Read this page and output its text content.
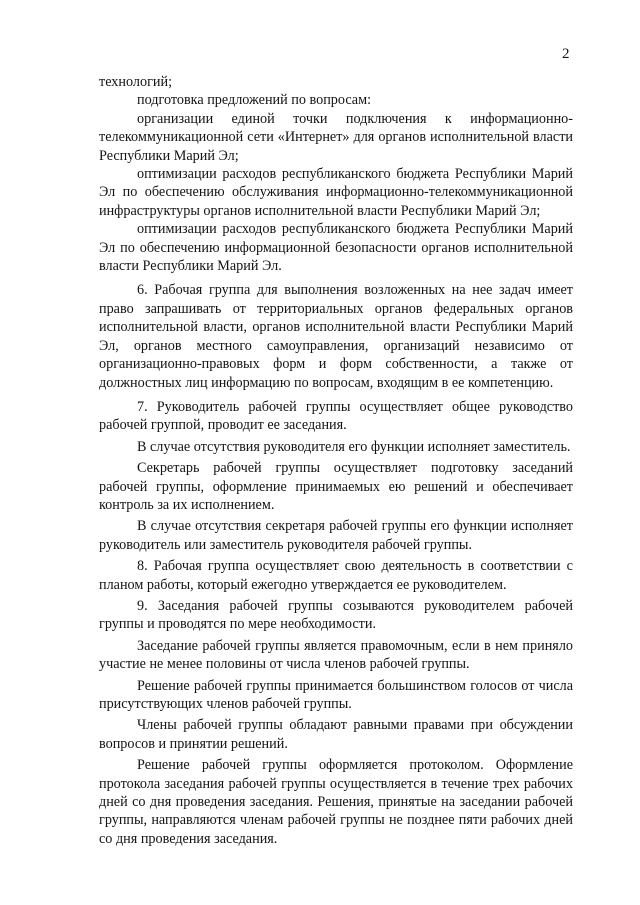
2

технологий;

подготовка предложений по вопросам:

организации единой точки подключения к информационно-телекоммуникационной сети «Интернет» для органов исполнительной власти Республики Марий Эл;

оптимизации расходов республиканского бюджета Республики Марий Эл по обеспечению обслуживания информационно-телекоммуникационной инфраструктуры органов исполнительной власти Республики Марий Эл;

оптимизации расходов республиканского бюджета Республики Марий Эл по обеспечению информационной безопасности органов исполнительной власти Республики Марий Эл.

6. Рабочая группа для выполнения возложенных на нее задач имеет право запрашивать от территориальных органов федеральных органов исполнительной власти, органов исполнительной власти Республики Марий Эл, органов местного самоуправления, организаций независимо от организационно-правовых форм и форм собственности, а также от должностных лиц информацию по вопросам, входящим в ее компетенцию.

7. Руководитель рабочей группы осуществляет общее руководство рабочей группой, проводит ее заседания.

В случае отсутствия руководителя его функции исполняет заместитель.

Секретарь рабочей группы осуществляет подготовку заседаний рабочей группы, оформление принимаемых ею решений и обеспечивает контроль за их исполнением.

В случае отсутствия секретаря рабочей группы его функции исполняет руководитель или заместитель руководителя рабочей группы.

8. Рабочая группа осуществляет свою деятельность в соответствии с планом работы, который ежегодно утверждается ее руководителем.

9. Заседания рабочей группы созываются руководителем рабочей группы и проводятся по мере необходимости.

Заседание рабочей группы является правомочным, если в нем приняло участие не менее половины от числа членов рабочей группы.

Решение рабочей группы принимается большинством голосов от числа присутствующих членов рабочей группы.

Члены рабочей группы обладают равными правами при обсуждении вопросов и принятии решений.

Решение рабочей группы оформляется протоколом. Оформление протокола заседания рабочей группы осуществляется в течение трех рабочих дней со дня проведения заседания. Решения, принятые на заседании рабочей группы, направляются членам рабочей группы не позднее пяти рабочих дней со дня проведения заседания.
